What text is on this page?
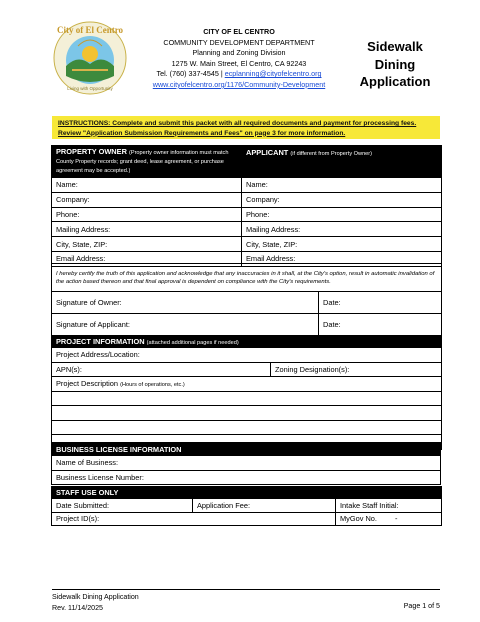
City of El Centro
Living with Opportunity
CITY OF EL CENTRO
COMMUNITY DEVELOPMENT DEPARTMENT
Planning and Zoning Division
1275 W. Main Street, El Centro, CA 92243
Tel. (760) 337-4545 | ecplanning@cityofelcentro.org
www.cityofelcentro.org/1176/Community-Development
Sidewalk
Dining
Application
INSTRUCTIONS: Complete and submit this packet with all required documents and payment for processing fees. Review "Application Submission Requirements and Fees" on page 3 for more information.
PROPERTY OWNER (Property owner information must match County Property records; grant deed, lease agreement, or purchase agreement may be accepted.)	APPLICANT (if different from Property Owner)
Name:	Name:
Company:	Company:
Phone:	Phone:
Mailing Address:	Mailing Address:
City, State, ZIP:	City, State, ZIP:
Email Address:	Email Address:
I hereby certify the truth of this application and acknowledge that any inaccuracies in it shall, at the City's option, result in automatic invalidation of the action based thereon and that final approval is dependent on compliance with the City's requirements.	
Signature of Owner:	Date:
Signature of Applicant:	Date:
PROJECT INFORMATION (attached additional pages if needed)
Project Address/Location:
APN(s):	Zoning Designation(s):
Project Description (Hours of operations, etc.)

BUSINESS LICENSE INFORMATION
Name of Business:
Business License Number:
STAFF USE ONLY		
Date Submitted:	Application Fee:	Intake Staff Initial:
Project ID(s):		MyGov No. -
Sidewalk Dining Application
Rev. 11/14/2025	Page 1 of 5
